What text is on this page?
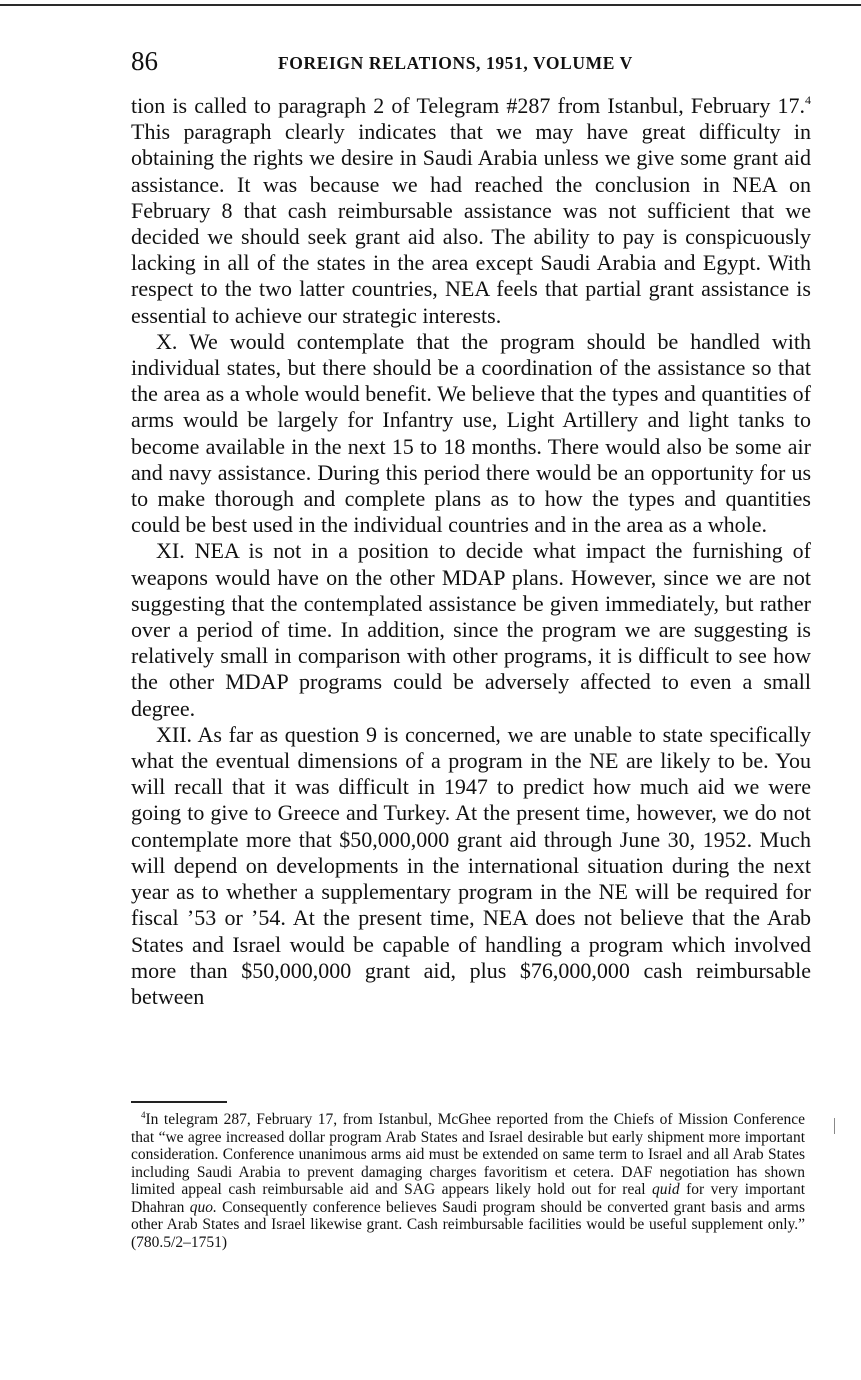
86	FOREIGN RELATIONS, 1951, VOLUME V

tion is called to paragraph 2 of Telegram #287 from Istanbul, February 17.$^4$ This paragraph clearly indicates that we may have great difficulty in obtaining the rights we desire in Saudi Arabia unless we give some grant aid assistance. It was because we had reached the conclusion in NEA on February 8 that cash reimbursable assistance was not sufficient that we decided we should seek grant aid also. The ability to pay is conspicuously lacking in all of the states in the area except Saudi Arabia and Egypt. With respect to the two latter countries, NEA feels that partial grant assistance is essential to achieve our strategic interests.

X. We would contemplate that the program should be handled with individual states, but there should be a coordination of the assistance so that the area as a whole would benefit. We believe that the types and quantities of arms would be largely for Infantry use, Light Artillery and light tanks to become available in the next 15 to 18 months. There would also be some air and navy assistance. During this period there would be an opportunity for us to make thorough and complete plans as to how the types and quantities could be best used in the individual countries and in the area as a whole.

XI. NEA is not in a position to decide what impact the furnishing of weapons would have on the other MDAP plans. However, since we are not suggesting that the contemplated assistance be given immediately, but rather over a period of time. In addition, since the program we are suggesting is relatively small in comparison with other programs, it is difficult to see how the other MDAP programs could be adversely affected to even a small degree.

XII. As far as question 9 is concerned, we are unable to state specifically what the eventual dimensions of a program in the NE are likely to be. You will recall that it was difficult in 1947 to predict how much aid we were going to give to Greece and Turkey. At the present time, however, we do not contemplate more that $50,000,000 grant aid through June 30, 1952. Much will depend on developments in the international situation during the next year as to whether a supplementary program in the NE will be required for fiscal ’53 or ’54. At the present time, NEA does not believe that the Arab States and Israel would be capable of handling a program which involved more than $50,000,000 grant aid, plus $76,000,000 cash reimbursable between

$^4$In telegram 287, February 17, from Istanbul, McGhee reported from the Chiefs of Mission Conference that “we agree increased dollar program Arab States and Israel desirable but early shipment more important consideration. Conference unanimous arms aid must be extended on same term to Israel and all Arab States including Saudi Arabia to prevent damaging charges favoritism et cetera. DAF negotiation has shown limited appeal cash reimbursable aid and SAG appears likely hold out for real quid for very important Dhahran quo. Consequently conference believes Saudi program should be converted grant basis and arms other Arab States and Israel likewise grant. Cash reimbursable facilities would be useful supplement only.” (780.5/2–1751)
